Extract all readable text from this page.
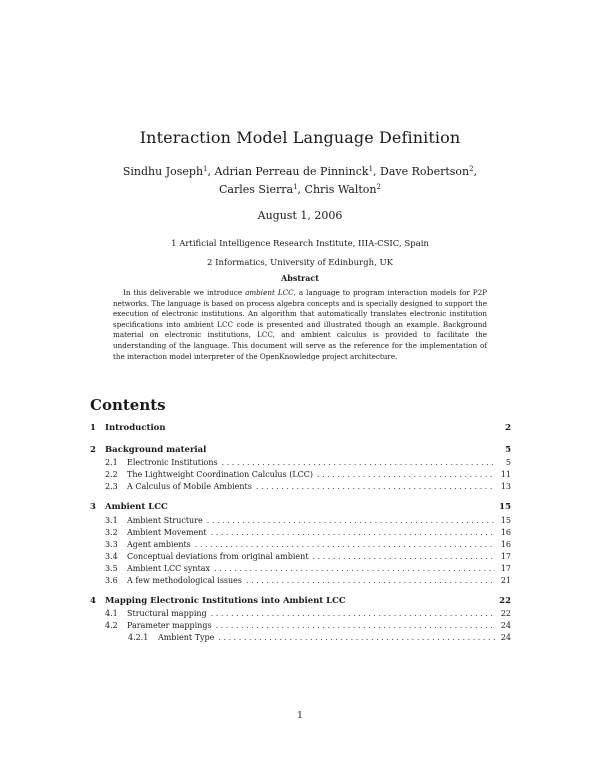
Interaction Model Language Definition
Sindhu Joseph$^1$, Adrian Perreau de Pinninck$^1$, Dave Robertson$^2$,
Carles Sierra$^1$, Chris Walton$^2$
August 1, 2006
1 Artificial Intelligence Research Institute, IIIA-CSIC, Spain
2 Informatics, University of Edinburgh, UK
Abstract

In this deliverable we introduce ambient LCC, a language to program interaction models for P2P networks. The language is based on process algebra concepts and is specially designed to support the execution of electronic institutions. An algorithm that automatically translates electronic institution specifications into ambient LCC code is presented and illustrated though an example. Background material on electronic institutions, LCC, and ambient calculus is provided to facilitate the understanding of the language. This document will serve as the reference for the implementation of the interaction model interpreter of the OpenKnowledge project architecture.

Contents
1	Introduction	2
2	Background material	5
2.1	Electronic Institutions . . .	5
2.2	The Lightweight Coordination Calculus (LCC) . . .	11
2.3	A Calculus of Mobile Ambients . . .	13
3	Ambient LCC	15
3.1	Ambient Structure . . .	15
3.2	Ambient Movement . . .	16
3.3	Agent ambients . . .	16
3.4	Conceptual deviations from original ambient . . .	17
3.5	Ambient LCC syntax . . .	17
3.6	A few methodological issues . . .	21
4	Mapping Electronic Institutions into Ambient LCC	22
4.1	Structural mapping . . .	22
4.2	Parameter mappings . . .	24
4.2.1	Ambient Type . . .	24
1
